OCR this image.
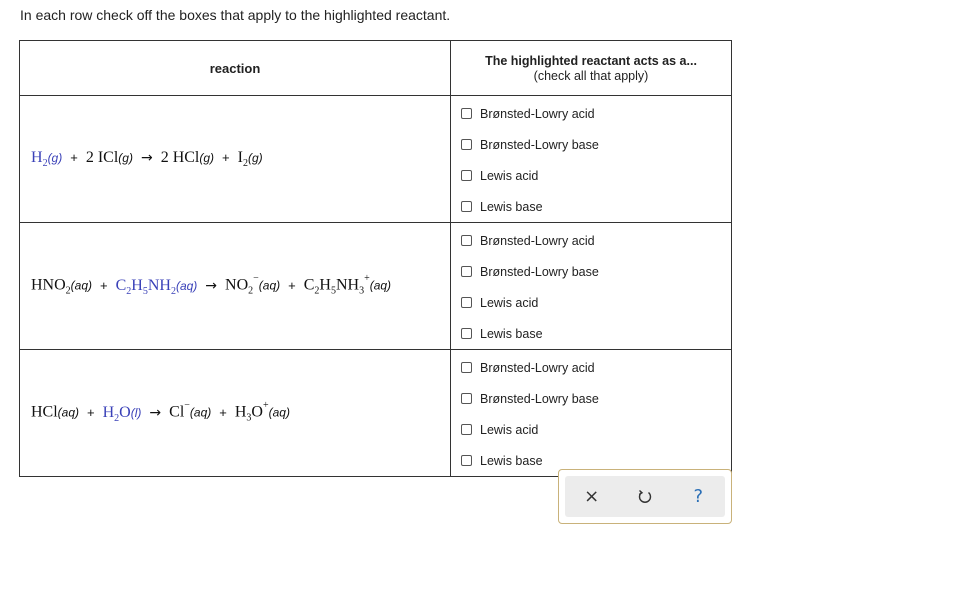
In each row check off the boxes that apply to the highlighted reactant.
reaction	The highlighted reactant acts as a...
(check all that apply)

$H_2(g) + 2$ ICl(g) → 2 $HCl(g) + I_2(g)$	Brønsted-Lowry acid
Brønsted-Lowry base
Lewis acid
Lewis base

$HNO_2(aq) + C_2H_5NH_2(aq) \to NO_2^-(aq) + C_2H_5NH_3^+(aq)$	Brønsted-Lowry acid
Brønsted-Lowry base
Lewis acid
Lewis base

$HCl(aq) + H_2O(l) \to Cl^-(aq) + H_3O^+(aq)$	Brønsted-Lowry acid
Brønsted-Lowry base
Lewis acid
Lewis base
×	?
